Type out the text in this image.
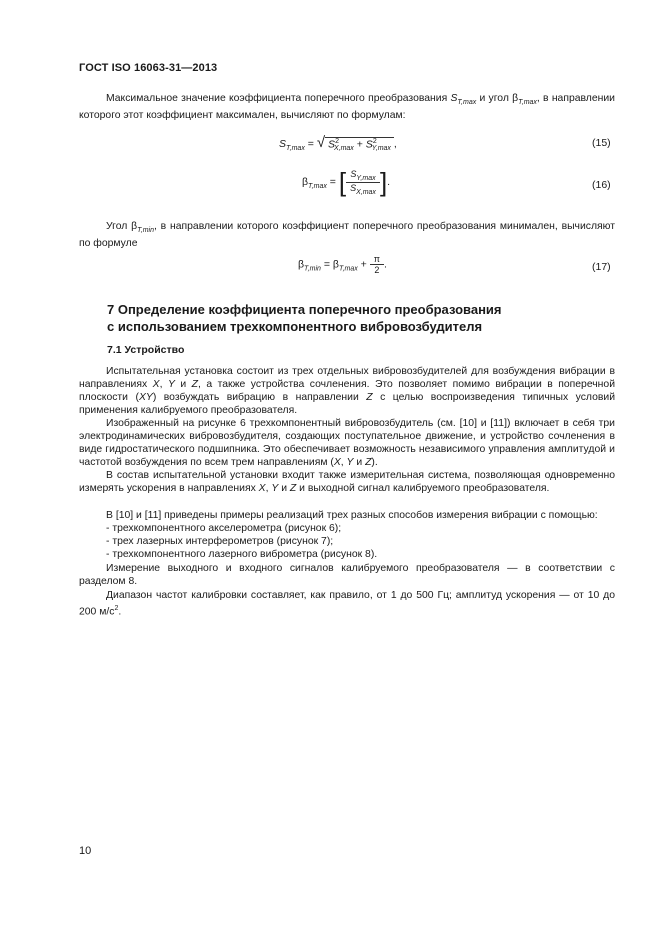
ГОСТ ISO 16063-31—2013
Максимальное значение коэффициента поперечного преобразования $S_{T,max}$ и угол $\beta_{T,max}$, в направлении которого этот коэффициент максимален, вычисляют по формулам:
$S_{T,max}$ = √ $S^2_{X,max} + S^2_{Y,max}$ ,	(15)
$\beta_{T,max}$ = [ $\frac{S_{Y,max}}{S_{X,max}}$ ].	(16)
Угол $\beta_{T,min}$, в направлении которого коэффициент поперечного преобразования минимален, вычисляют по формуле
$\beta_{T,min} = \beta_{T,max} + \frac{\pi}{2}$ .	(17)
7 Определение коэффициента поперечного преобразования
с использованием трехкомпонентного вибровозбудителя
7.1 Устройство
Испытательная установка состоит из трех отдельных вибровозбудителей для возбуждения вибрации в направлениях X, Y и Z, а также устройства сочленения. Это позволяет помимо вибрации в поперечной плоскости (XY) возбуждать вибрацию в направлении Z с целью воспроизведения типичных условий применения калибруемого преобразователя.
Изображенный на рисунке 6 трехкомпонентный вибровозбудитель (см. [10] и [11]) включает в себя три электродинамических вибровозбудителя, создающих поступательное движение, и устройство сочленения в виде гидростатического подшипника. Это обеспечивает возможность независимого управления амплитудой и частотой возбуждения по всем трем направлениям (X, Y и Z).
В состав испытательной установки входит также измерительная система, позволяющая одновременно измерять ускорения в направлениях X, Y и Z и выходной сигнал калибруемого преобразователя.
В [10] и [11] приведены примеры реализаций трех разных способов измерения вибрации с помощью:
- трехкомпонентного акселерометра (рисунок 6);
- трех лазерных интерферометров (рисунок 7);
- трехкомпонентного лазерного виброметра (рисунок 8).
Измерение выходного и входного сигналов калибруемого преобразователя — в соответствии с разделом 8.
Диапазон частот калибровки составляет, как правило, от 1 до 500 Гц; амплитуд ускорения — от 10 до 200 $м/с^2$.
10
